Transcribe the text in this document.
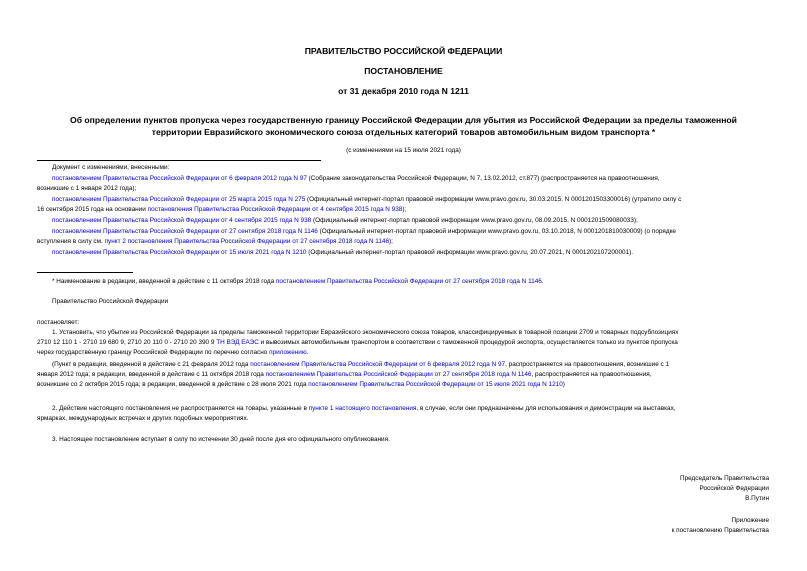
ПРАВИТЕЛЬСТВО РОССИЙСКОЙ ФЕДЕРАЦИИ
ПОСТАНОВЛЕНИЕ
от 31 декабря 2010 года N 1211
Об определении пунктов пропуска через государственную границу Российской Федерации для убытия из Российской Федерации за пределы таможенной
территории Евразийского экономического союза отдельных категорий товаров автомобильным видом транспорта *
(с изменениями на 15 июля 2021 года)
Документ с изменениями, внесенными:
постановлением Правительства Российской Федерации от 6 февраля 2012 года N 97 (Собрание законодательства Российской Федерации, N 7, 13.02.2012, ст.877) (распространяется на правоотношения,
возникшие с 1 января 2012 года);
постановлением Правительства Российской Федерации от 25 марта 2015 года N 275 (Официальный интернет-портал правовой информации www.pravo.gov.ru, 30.03.2015, N 0001201503300016) (утратило силу с
16 сентября 2015 года на основании постановления Правительства Российской Федерации от 4 сентября 2015 года N 938);
постановлением Правительства Российской Федерации от 4 сентября 2015 года N 938 (Официальный интернет-портал правовой информации www.pravo.gov.ru, 08.09.2015, N 0001201509080033);
постановлением Правительства Российской Федерации от 27 сентября 2018 года N 1146 (Официальный интернет-портал правовой информации www.pravo.gov.ru, 03.10.2018, N 0001201810030009) (о порядке
вступления в силу см. пункт 2 постановления Правительства Российской Федерации от 27 сентября 2018 года N 1146);
постановлением Правительства Российской Федерации от 15 июля 2021 года N 1210 (Официальный интернет-портал правовой информации www.pravo.gov.ru, 20.07.2021, N 0001202107200001).
* Наименование в редакции, введенной в действие с 11 октября 2018 года постановлением Правительства Российской Федерации от 27 сентября 2018 года N 1146.
Правительство Российской Федерации
постановляет:
1. Установить, что убытие из Российской Федерации за пределы таможенной территории Евразийского экономического союза товаров, классифицируемых в товарной позиции 2709 и товарных подсубпозициях
2710 12 110 1 - 2710 19 680 9, 2710 20 110 0 - 2710 20 390 9 ТН ВЭД ЕАЭС и вывозимых автомобильным транспортом в соответствии с таможенной процедурой экспорта, осуществляется только из пунктов пропуска
через государственную границу Российской Федерации по перечню согласно приложению.
(Пункт в редакции, введенной в действие с 21 февраля 2012 года постановлением Правительства Российской Федерации от 6 февраля 2012 года N 97, распространяется на правоотношения, возникшие с 1
января 2012 года; в редакции, введенной в действие с 11 октября 2018 года постановлением Правительства Российской Федерации от 27 сентября 2018 года N 1146, распространяется на правоотношения,
возникшие со 2 октября 2015 года; в редакции, введенной в действие с 28 июля 2021 года постановлением Правительства Российской Федерации от 15 июля 2021 года N 1210)
2. Действие настоящего постановления не распространяется на товары, указанные в пункте 1 настоящего постановления, в случае, если они предназначены для использования и демонстрации на выставках,
ярмарках, международных встречах и других подобных мероприятиях.
3. Настоящее постановление вступает в силу по истечении 30 дней после дня его официального опубликования.
Председатель Правительства
Российской Федерации
В.Путин
Приложение
к постановлению Правительства
